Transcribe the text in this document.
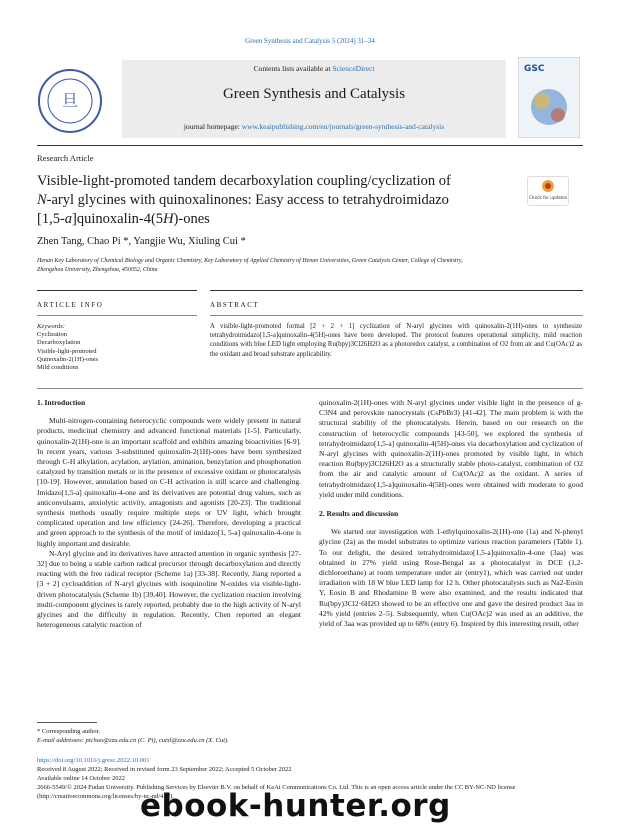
Green Synthesis and Catalysis 5 (2024) 31–34
旦
Contents lists available at ScienceDirect
Green Synthesis and Catalysis
journal homepage: www.keaipublishing.com/en/journals/green-synthesis-and-catalysis
GSC
Research Article
Visible-light-promoted tandem decarboxylation coupling/cyclization of
N-aryl glycines with quinoxalinones: Easy access to tetrahydroimidazo
[1,5-a]quinoxalin-4(5H)-ones
Check for updates
Zhen Tang, Chao Pi *, Yangjie Wu, Xiuling Cui *
Henan Key Laboratory of Chemical Biology and Organic Chemistry, Key Laboratory of Applied Chemistry of Henan Universities, Green Catalysis Center, College of Chemistry, Zhengzhou University, Zhengzhou, 450052, China
ARTICLE INFO	ABSTRACT
Keywords:
Cyclization
Decarboxylation
Visible-light-promoted
Quinoxalin-2(1H)-ones
Mild conditions
A visible-light-promoted formal [2 + 2 + 1] cyclization of N-aryl glycines with quinoxalin-2(1H)-ones to synthesize tetrahydroimidazo[1,5-a]quinoxalin-4(5H)-ones have been developed. The protocol features operational simplicity, mild reaction conditions with blue LED light employing Ru(bpy)3Cl26H2O as a photoredox catalyst, a combination of O2 from air and Cu(OAc)2 as the oxidant and broad substrate applicability.
1. Introduction

Multi-nitrogen-containing heterocyclic compounds were widely present in natural products, medicinal chemistry and advanced functional materials [1-5]. Particularly, quinoxalin-2(1H)-one is an important scaffold and exhibits amazing bioactivities [6-9]. In recent years, various 3-substituted quinoxalin-2(1H)-ones have been synthesized through C-H alkylation, acylation, arylation, amination, benzylation and phosphonation catalyzed by transition metals or in the presence of excessive oxidant or photocatalysis [10-19]. However, annulation based on C-H activation is still scarce and challenging. Imidazo[1,5-a] quinoxalin-4-one and its derivatives are potential drug values, such as anticonvulsants, anxiolytic activity, antagonists and agonists [20-23]. The traditional synthesis methods usually require multiple steps or UV light, which brought complicated operation and low efficiency [24-26]. Therefore, developing a practical and green approach to the synthesis of the motif of imidazo[1, 5-a] quinoxalin-4-one is highly important and desirable.

N-Aryl glycine and its derivatives have attracted attention in organic synthesis [27-32] due to being a stable carbon radical precursor through decarboxylation and directly reacting with the free radical receptor (Scheme 1a) [33-38]. Recently, Jiang reported a [3 + 2] cycloaddition of N-aryl glycines with isoquinoline N-oxides via visible-light-driven photocatalysis (Scheme 1b) [39,40]. However, the cyclization reaction involving multi-component glycines is rarely reported, probably due to the high activity of N-aryl glycines and the difficulty in regulation. Recently, Chen reported an elegant heterogeneous catalytic reaction of

quinoxalin-2(1H)-ones with N-aryl glycines under visible light in the presence of g-C3N4 and perovskite nanocrystals (CsPbBr3) [41-42]. The main problem is with the structural stability of the photocatalysts. Herein, based on our research on the construction of heterocyclic compounds [43-50], we explored the synthesis of tetrahydroimidazo[1,5-a] quinoxalin-4(5H)-ones via decarboxylation and cyclization of N-aryl glycines with quinoxalin-2(1H)-ones promoted by visible light, in which reaction Ru(bpy)3Cl26H2O as a structurally stable photo-catalyst, combination of O2 from the air and catalytic amount of Cu(OAc)2 as the oxidant. A series of tetrahydroimidazo[1,5-a]quinoxalin-4(5H)-ones were obtained with moderate to good yield under mild conditions.

2. Results and discussion

We started our investigation with 1-ethylquinoxalin-2(1H)-one (1a) and N-phenyl glycine (2a) as the model substrates to optimize various reaction parameters (Table 1). To our delight, the desired tetrahydroimidazo[1,5-a]quinoxalin-4-one (3aa) was obtained in 27% yield using Rose-Bengal as a photocatalyst in DCE (1,2-dichloroethane) at room temperature under air (entry1), which was carried out under irradiation with 18 W blue LED lamp for 12 h. Other photocatalysts such as Na2-Eosin Y, Eosin B and Rhodamine B were also examined, and the results indicated that Ru(bpy)3Cl2·6H2O showed to be an effective one and gave the desired product 3aa in 42% yield (entries 2–5). Subsequently, when Cu(OAc)2 was used as an additive, the yield of 3aa was provided up to 68% (entry 6). Inspired by this interesting result, other

* Corresponding author.
E-mail addresses: pichao@zzu.edu.cn (C. Pi), cuixl@zzu.edu.cn (X. Cui).
https://doi.org/10.1016/j.gresc.2022.10.001
Received 8 August 2022; Received in revised form 23 September 2022; Accepted 5 October 2022
Available online 14 October 2022
2666-5549/© 2024 Fudan University. Publishing Services by Elsevier B.V. on behalf of KeAi Communications Co. Ltd. This is an open access article under the CC BY-NC-ND license (http://creativecommons.org/licenses/by-nc-nd/4.0/).
ebook-hunter.org
